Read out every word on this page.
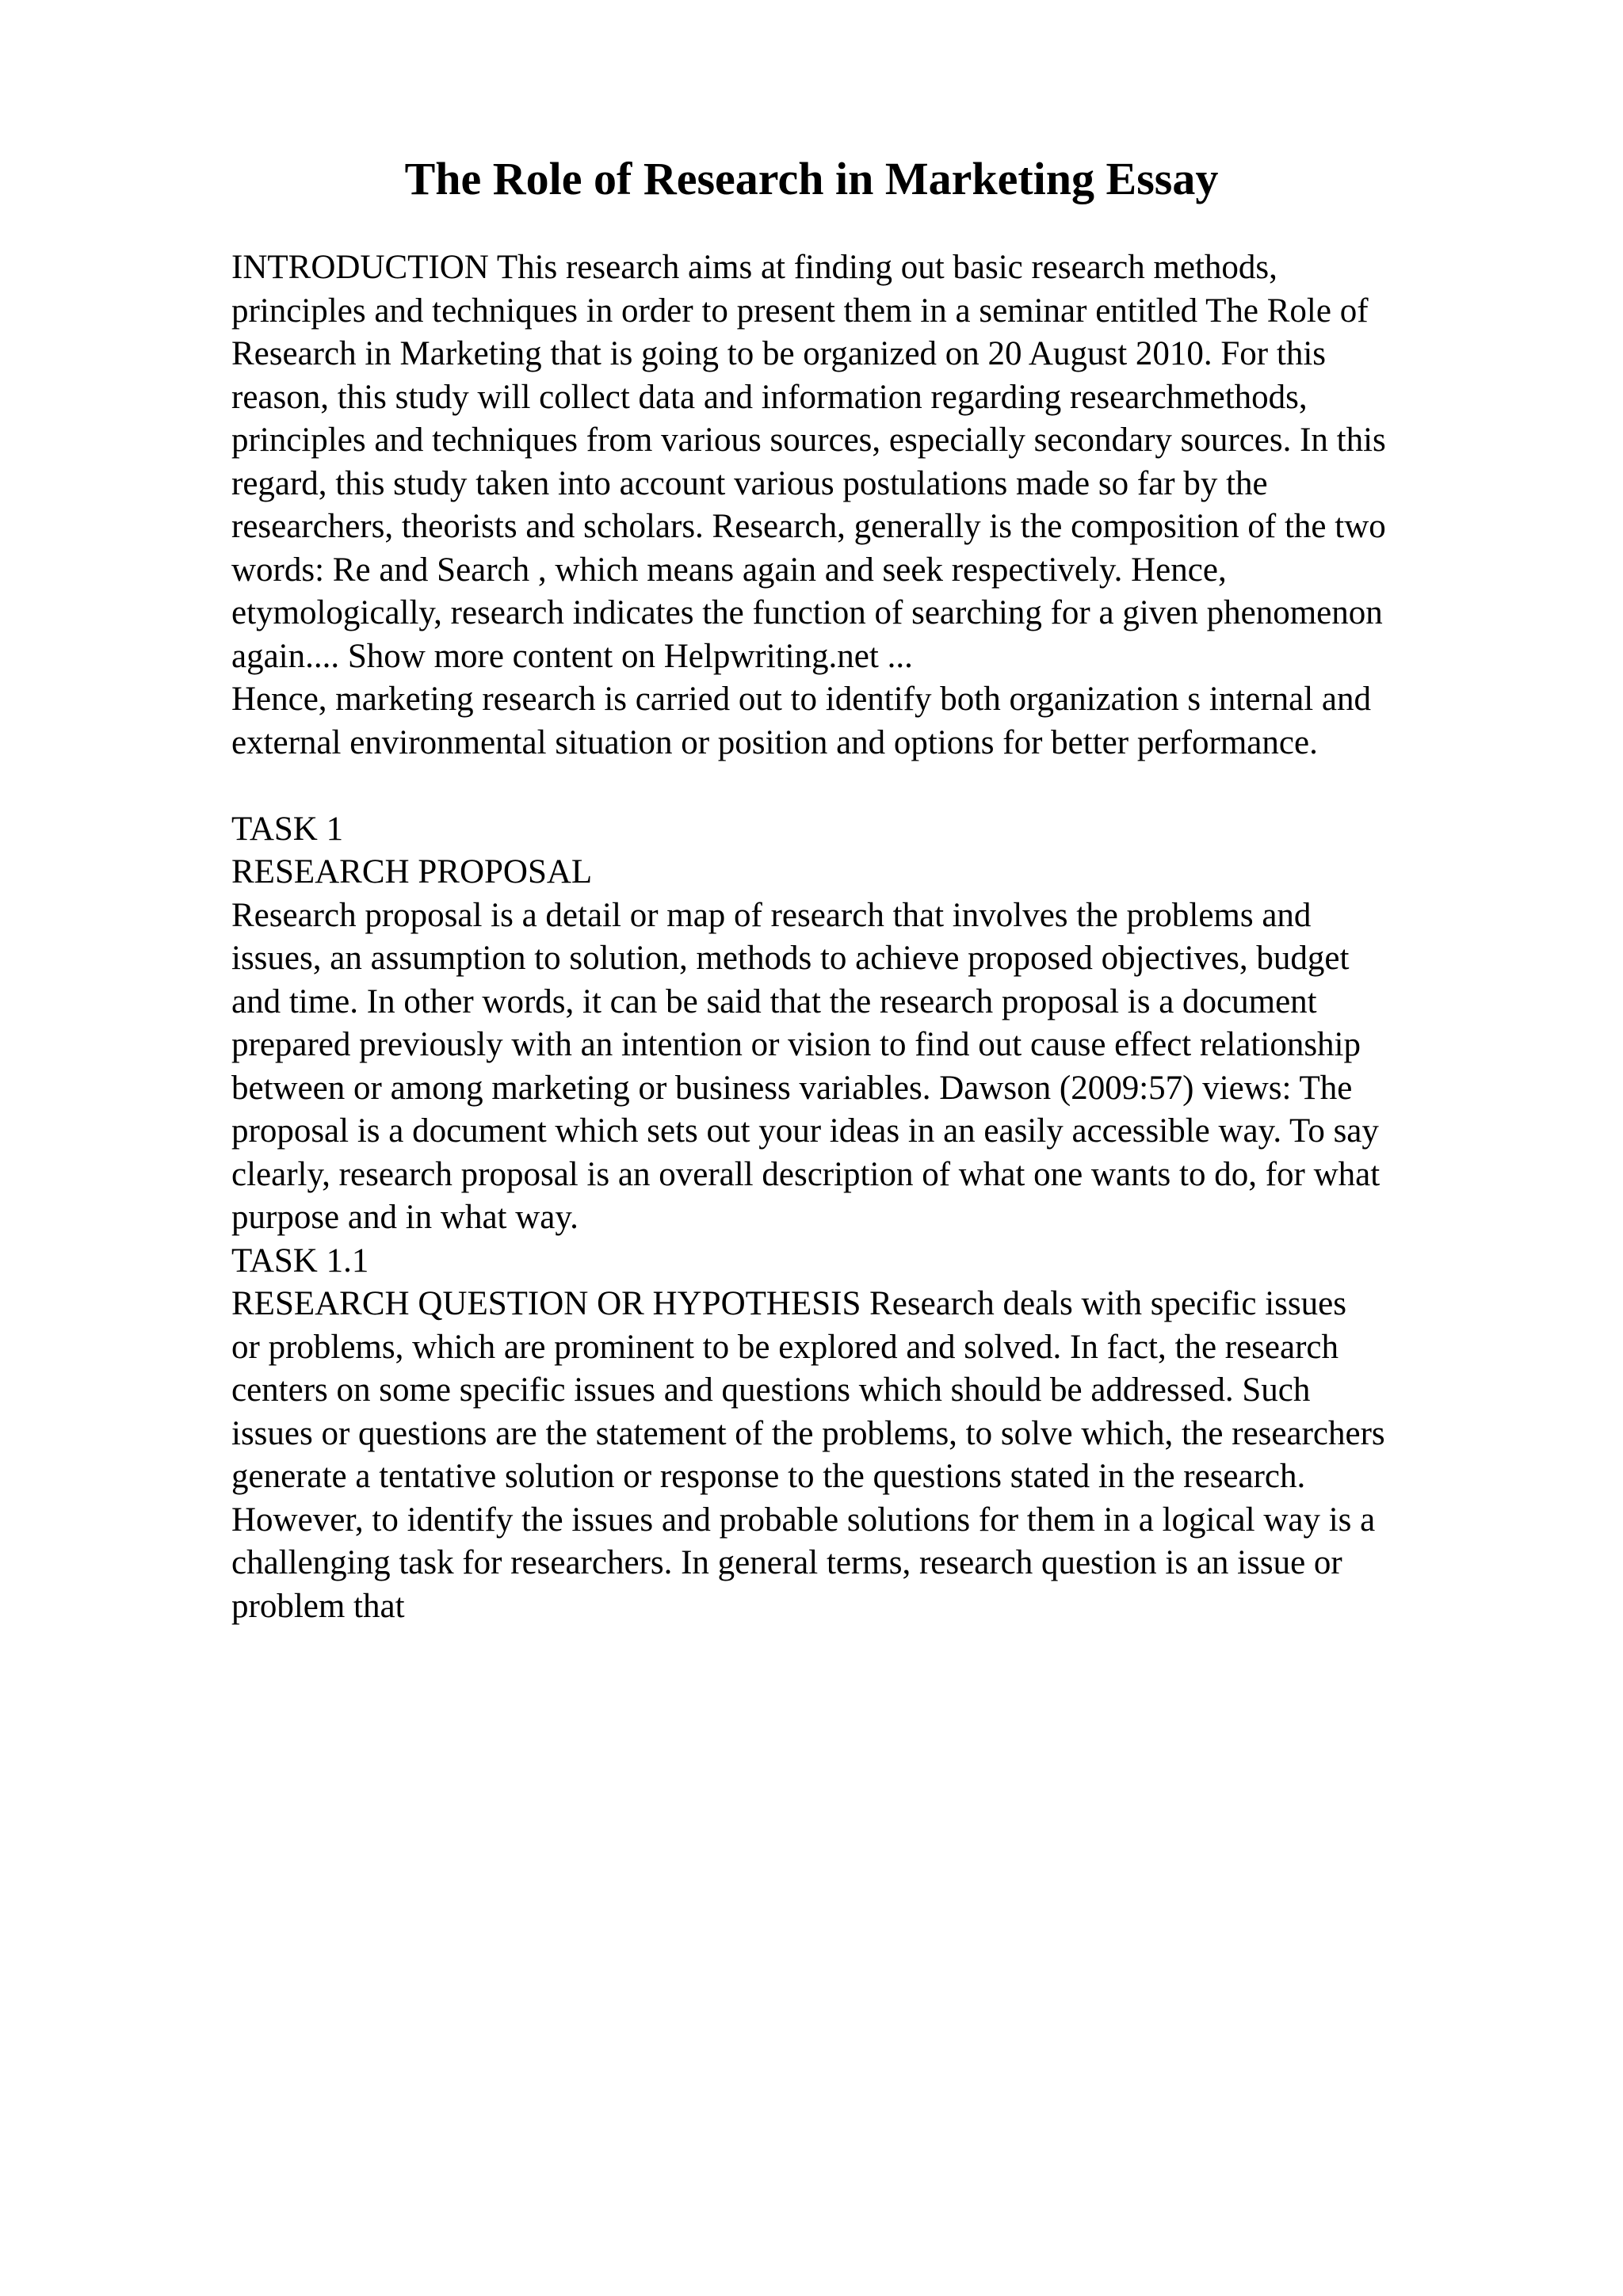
The Role of Research in Marketing Essay
INTRODUCTION This research aims at finding out basic research methods,
principles and techniques in order to present them in a seminar entitled The Role of
Research in Marketing that is going to be organized on 20 August 2010. For this
reason, this study will collect data and information regarding researchmethods,
principles and techniques from various sources, especially secondary sources. In this
regard, this study taken into account various postulations made so far by the
researchers, theorists and scholars. Research, generally is the composition of the two
words: Re and Search , which means again and seek respectively. Hence,
etymologically, research indicates the function of searching for a given phenomenon
again.... Show more content on Helpwriting.net ...
Hence, marketing research is carried out to identify both organization s internal and
external environmental situation or position and options for better performance.
TASK 1
RESEARCH PROPOSAL
Research proposal is a detail or map of research that involves the problems and
issues, an assumption to solution, methods to achieve proposed objectives, budget
and time. In other words, it can be said that the research proposal is a document
prepared previously with an intention or vision to find out cause effect relationship
between or among marketing or business variables. Dawson (2009:57) views: The
proposal is a document which sets out your ideas in an easily accessible way. To say
clearly, research proposal is an overall description of what one wants to do, for what
purpose and in what way.
TASK 1.1
RESEARCH QUESTION OR HYPOTHESIS Research deals with specific issues
or problems, which are prominent to be explored and solved. In fact, the research
centers on some specific issues and questions which should be addressed. Such
issues or questions are the statement of the problems, to solve which, the researchers
generate a tentative solution or response to the questions stated in the research.
However, to identify the issues and probable solutions for them in a logical way is a
challenging task for researchers. In general terms, research question is an issue or
problem that
